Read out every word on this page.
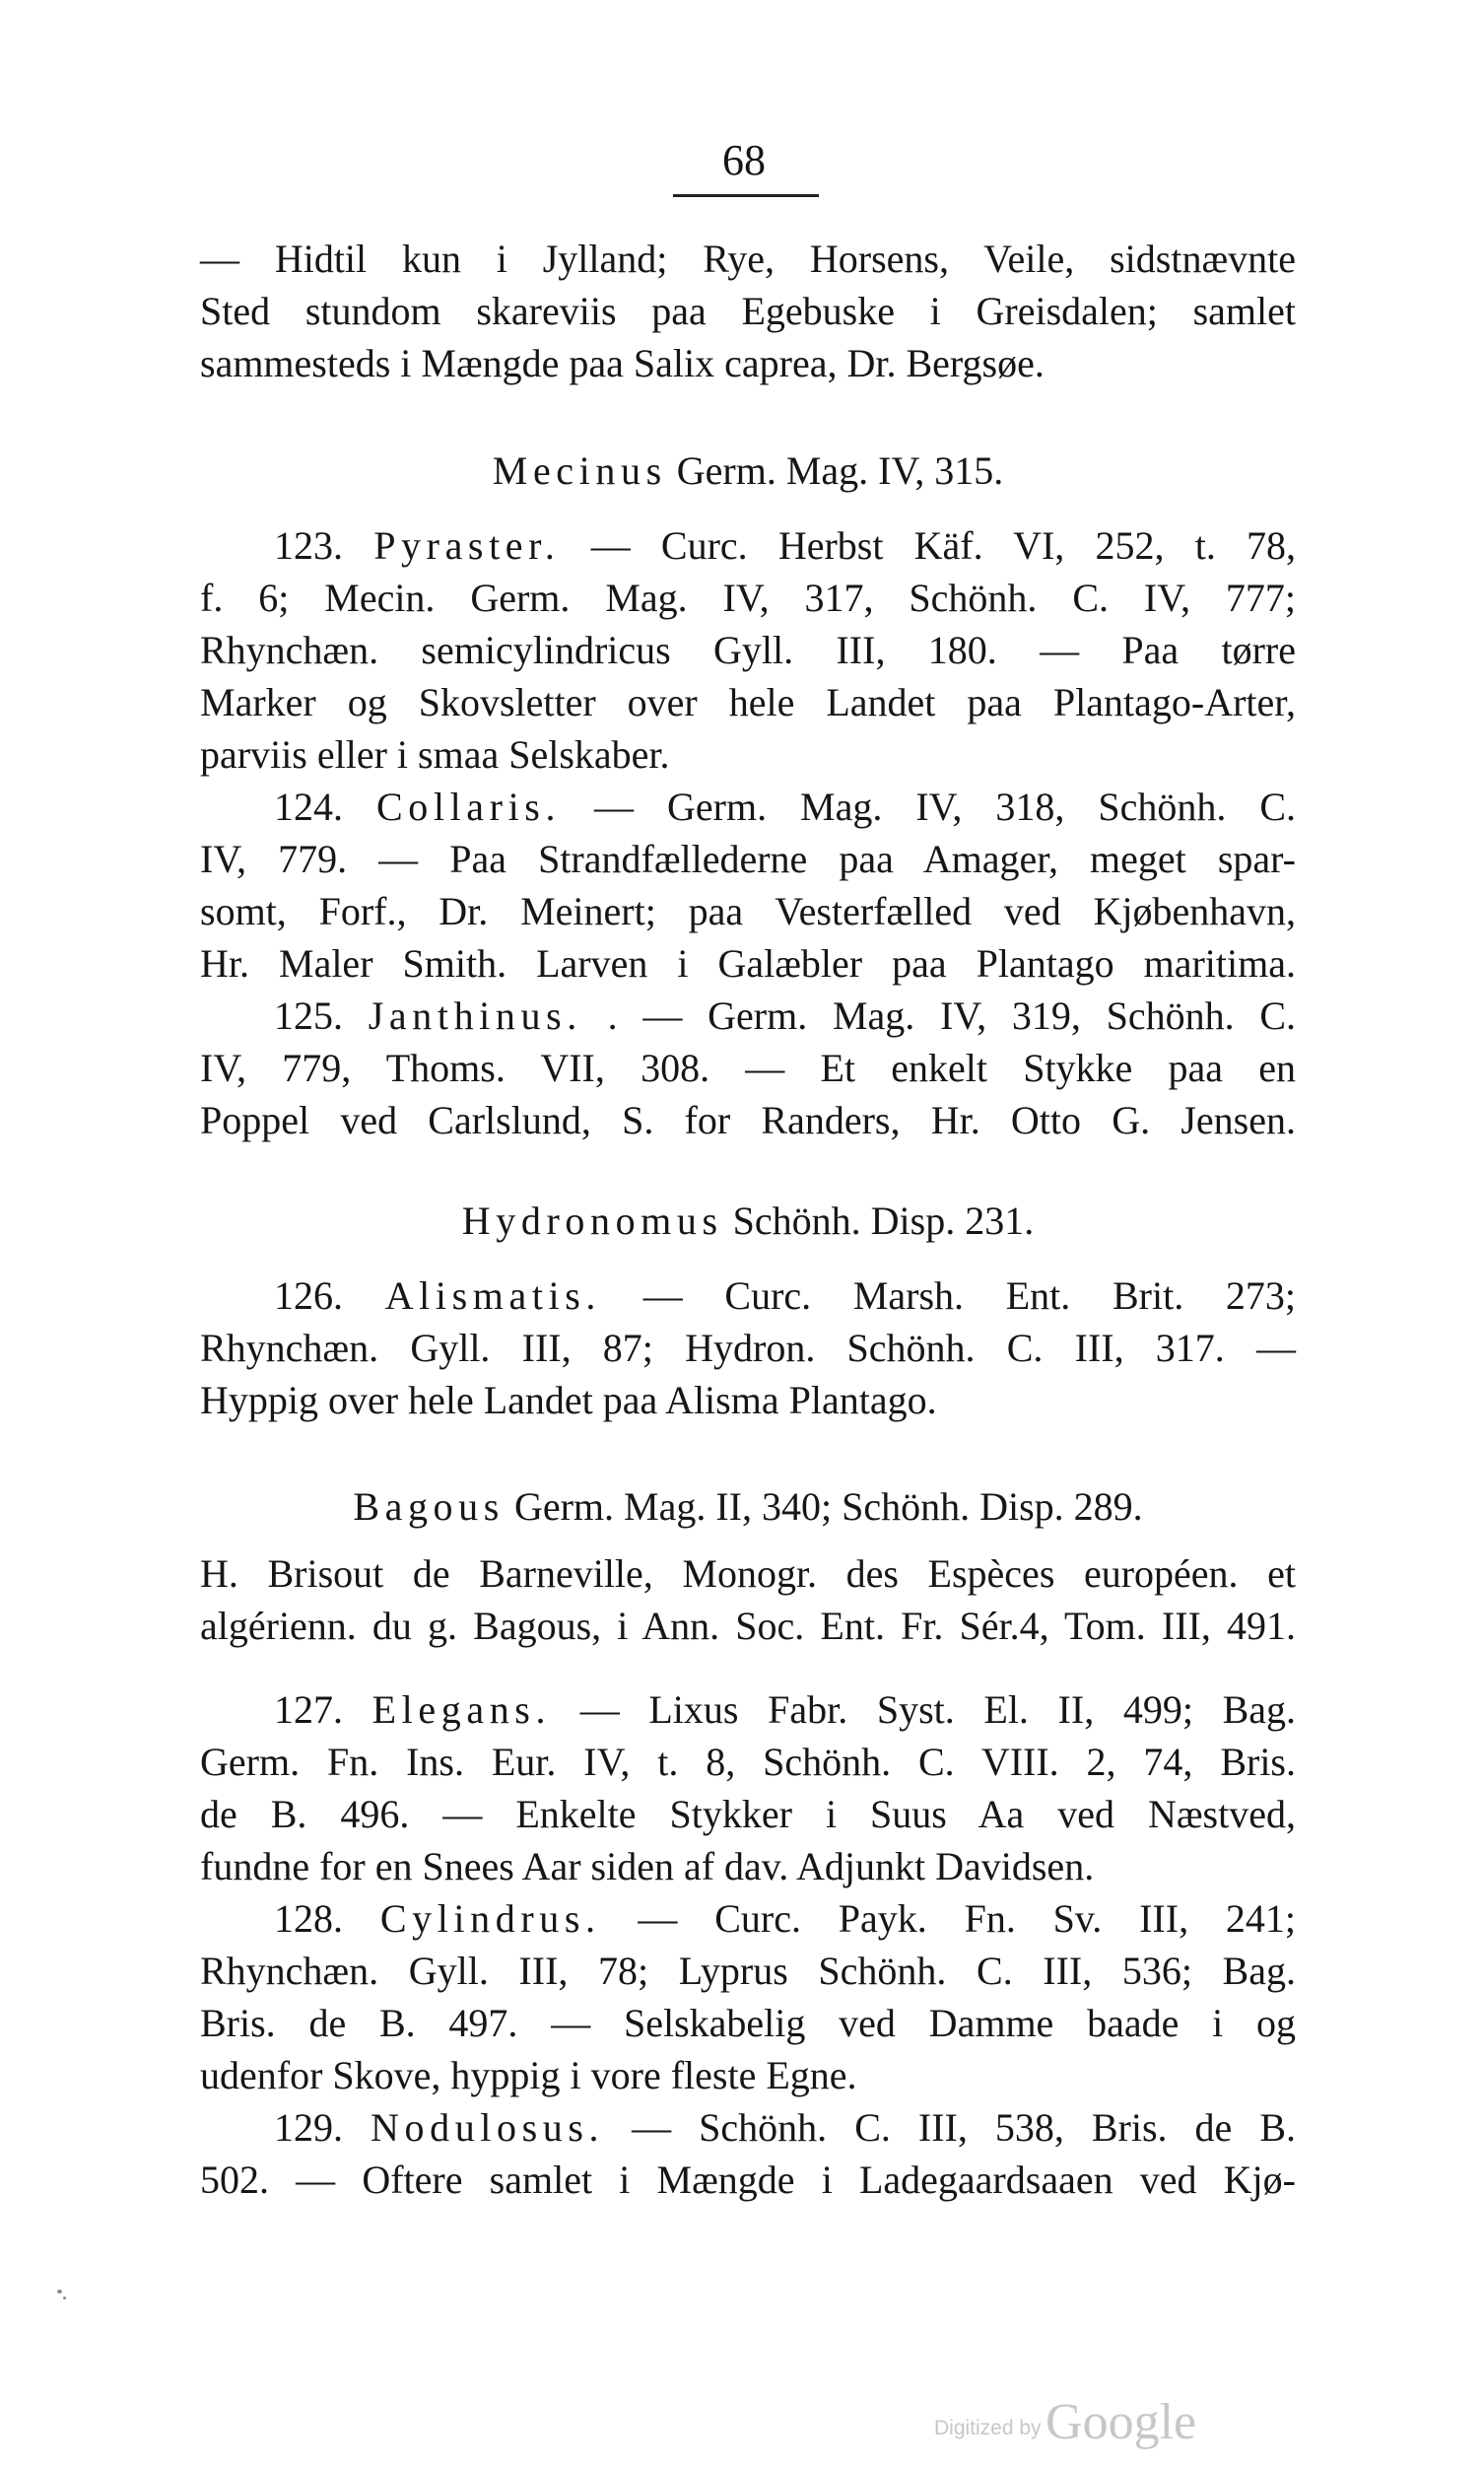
68
— Hidtil kun i Jylland; Rye, Horsens, Veile, sidstnævnte
Sted stundom skareviis paa Egebuske i Greisdalen; samlet
sammesteds i Mængde paa Salix caprea, Dr. Bergsøe.
Mecinus Germ. Mag. IV, 315.
123. Pyraster. — Curc. Herbst Käf. VI, 252, t. 78,
f. 6; Mecin. Germ. Mag. IV, 317, Schönh. C. IV, 777;
Rhynchæn. semicylindricus Gyll. III, 180. — Paa tørre
Marker og Skovsletter over hele Landet paa Plantago-Arter,
parviis eller i smaa Selskaber.
124. Collaris. — Germ. Mag. IV, 318, Schönh. C.
IV, 779. — Paa Strandfællederne paa Amager, meget spar-
somt, Forf., Dr. Meinert; paa Vesterfælled ved Kjøbenhavn,
Hr. Maler Smith. Larven i Galæbler paa Plantago maritima.
125. Janthinus. . — Germ. Mag. IV, 319, Schönh. C.
IV, 779, Thoms. VII, 308. — Et enkelt Stykke paa en
Poppel ved Carlslund, S. for Randers, Hr. Otto G. Jensen.
Hydronomus Schönh. Disp. 231.
126. Alismatis. — Curc. Marsh. Ent. Brit. 273;
Rhynchæn. Gyll. III, 87; Hydron. Schönh. C. III, 317. —
Hyppig over hele Landet paa Alisma Plantago.
Bagous Germ. Mag. II, 340; Schönh. Disp. 289.
H. Brisout de Barneville, Monogr. des Espèces européen. et
algérienn. du g. Bagous, i Ann. Soc. Ent. Fr. Sér.4, Tom. III, 491.
127. Elegans. — Lixus Fabr. Syst. El. II, 499; Bag.
Germ. Fn. Ins. Eur. IV, t. 8, Schönh. C. VIII. 2, 74, Bris.
de B. 496. — Enkelte Stykker i Suus Aa ved Næstved,
fundne for en Snees Aar siden af dav. Adjunkt Davidsen.
128. Cylindrus. — Curc. Payk. Fn. Sv. III, 241;
Rhynchæn. Gyll. III, 78; Lyprus Schönh. C. III, 536; Bag.
Bris. de B. 497. — Selskabelig ved Damme baade i og
udenfor Skove, hyppig i vore fleste Egne.
129. Nodulosus. — Schönh. C. III, 538, Bris. de B.
502. — Oftere samlet i Mængde i Ladegaardsaaen ved Kjø-
Digitized by Google
